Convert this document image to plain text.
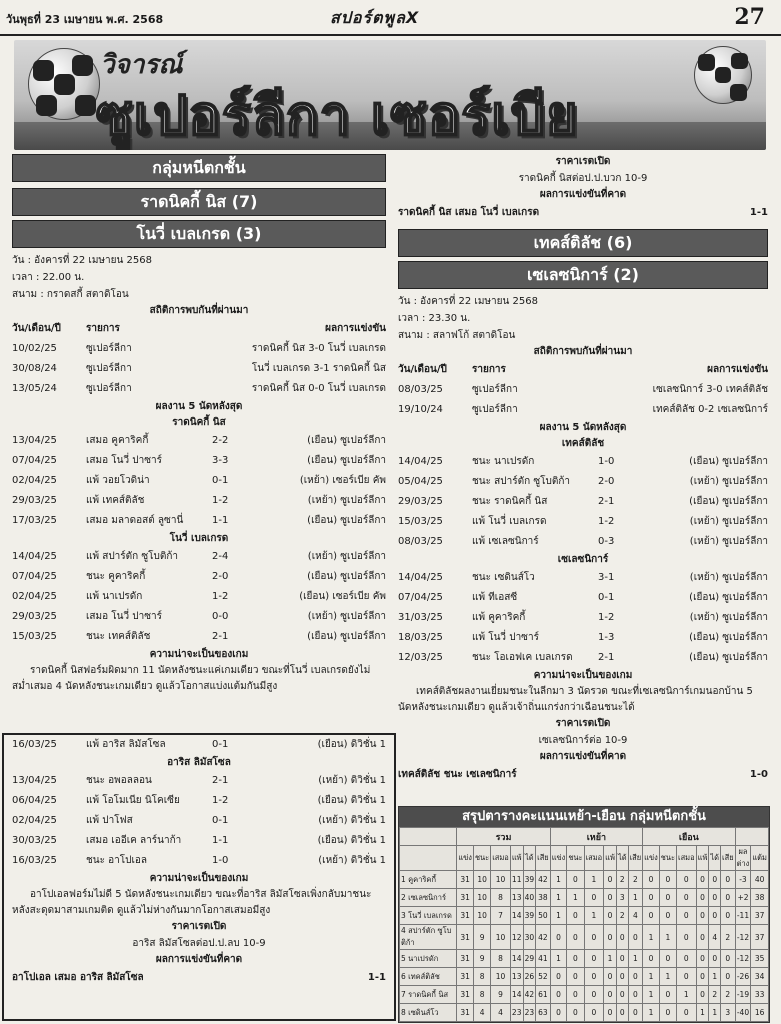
วันพุธที่ 23 เมษายน พ.ศ. 2568	สปอร์ตพูลX	27
วิจารณ์
ซูเปอร์ลีกา เซอร์เบีย
กลุ่มหนีตกชั้น
ราดนิคกี้ นิส (7)
โนวี่ เบลเกรด (3)
วัน : อังคารที่ 22 เมษายน 2568
เวลา : 22.00 น.
สนาม : กราดสกี้ สตาดิโอน
สถิติการพบกันที่ผ่านมา
วัน/เดือน/ปี	รายการ	ผลการแข่งขัน
10/02/25	ซูเปอร์ลีกา	ราดนิคกี้ นิส 3-0 โนวี่ เบลเกรด
30/08/24	ซูเปอร์ลีกา	โนวี่ เบลเกรด 3-1 ราดนิคกี้ นิส
13/05/24	ซูเปอร์ลีกา	ราดนิคกี้ นิส 0-0 โนวี่ เบลเกรด
ผลงาน 5 นัดหลังสุด
ราดนิคกี้ นิส
13/04/25	เสมอ คูคาริคกี้	2-2	(เยือน) ซูเปอร์ลีกา
07/04/25	เสมอ โนวี่ ปาซาร์	3-3	(เยือน) ซูเปอร์ลีกา
02/04/25	แพ้ วอยโวดิน่า	0-1	(เหย้า) เซอร์เบีย คัพ
29/03/25	แพ้ เทคส์ติลัช	1-2	(เหย้า) ซูเปอร์ลีกา
17/03/25	เสมอ มลาดอสต์ ลูซานี่	1-1	(เยือน) ซูเปอร์ลีกา
โนวี่ เบลเกรด
14/04/25	แพ้ สปาร์ตัก ซูโบติก้า	2-4	(เหย้า) ซูเปอร์ลีกา
07/04/25	ชนะ คูคาริคกี้	2-0	(เยือน) ซูเปอร์ลีกา
02/04/25	แพ้ นาเปรดัก	1-2	(เยือน) เซอร์เบีย คัพ
29/03/25	เสมอ โนวี่ ปาซาร์	0-0	(เหย้า) ซูเปอร์ลีกา
15/03/25	ชนะ เทคส์ติลัช	2-1	(เยือน) ซูเปอร์ลีกา
ความน่าจะเป็นของเกม
ราดนิคกี้ นิสฟอร์มผิดมาก 11 นัดหลังชนะแค่เกมเดียว ขณะที่โนวี่ เบลเกรดยังไม่สม่ำเสมอ 4 นัดหลังชนะเกมเดียว ดูแล้วโอกาสแบ่งแต้มกันมีสูง
16/03/25	แพ้ อาริส ลิมัสโซล	0-1	(เยือน) ดิวิชั่น 1
อาริส ลิมัสโซล
13/04/25	ชนะ อพอลลอน	2-1	(เหย้า) ดิวิชั่น 1
06/04/25	แพ้ โอโมเนีย นิโคเซีย	1-2	(เยือน) ดิวิชั่น 1
02/04/25	แพ้ ปาโฟส	0-1	(เหย้า) ดิวิชั่น 1
30/03/25	เสมอ เออีเค ลาร์นาก้า	1-1	(เยือน) ดิวิชั่น 1
16/03/25	ชนะ อาโปเอล	1-0	(เหย้า) ดิวิชั่น 1
ความน่าจะเป็นของเกม
อาโปเอลฟอร์มไม่ดี 5 นัดหลังชนะเกมเดียว ขณะที่อาริส ลิมัสโซลเพิ่งกลับมาชนะหลังสะดุดมาสามเกมติด ดูแล้วไม่ห่างกันมากโอกาสเสมอมีสูง
ราคาเรตเปิด
อาริส ลิมัสโซลต่อป.ป.ลบ 10-9
ผลการแข่งขันที่คาด
อาโปเอล เสมอ อาริส ลิมัสโซล	1-1
ราคาเรตเปิด
ราดนิคกี้ นิสต่อป.ป.บวก 10-9
ผลการแข่งขันที่คาด
ราดนิคกี้ นิส เสมอ โนวี่ เบลเกรด	1-1
เทคส์ติลัช (6)
เซเลซนิการ์ (2)
วัน : อังคารที่ 22 เมษายน 2568
เวลา : 23.30 น.
สนาม : สลาฟโก้ สตาดิโอน
สถิติการพบกันที่ผ่านมา
วัน/เดือน/ปี	รายการ	ผลการแข่งขัน
08/03/25	ซูเปอร์ลีกา	เซเลซนิการ์ 3-0 เทคส์ติลัช
19/10/24	ซูเปอร์ลีกา	เทคส์ติลัช 0-2 เซเลซนิการ์
ผลงาน 5 นัดหลังสุด
เทคส์ติลัช
14/04/25	ชนะ นาเปรดัก	1-0	(เยือน) ซูเปอร์ลีกา
05/04/25	ชนะ สปาร์ตัก ซูโบติก้า	2-0	(เหย้า) ซูเปอร์ลีกา
29/03/25	ชนะ ราดนิคกี้ นิส	2-1	(เยือน) ซูเปอร์ลีกา
15/03/25	แพ้ โนวี่ เบลเกรด	1-2	(เหย้า) ซูเปอร์ลีกา
08/03/25	แพ้ เซเลซนิการ์	0-3	(เหย้า) ซูเปอร์ลีกา
เซเลซนิการ์
14/04/25	ชนะ เซดินส์โว	3-1	(เหย้า) ซูเปอร์ลีกา
07/04/25	แพ้ ทีเอสซี	0-1	(เยือน) ซูเปอร์ลีกา
31/03/25	แพ้ คูคาริคกี้	1-2	(เหย้า) ซูเปอร์ลีกา
18/03/25	แพ้ โนวี่ ปาซาร์	1-3	(เยือน) ซูเปอร์ลีกา
12/03/25	ชนะ โอเอฟเค เบลเกรด	2-1	(เยือน) ซูเปอร์ลีกา
ความน่าจะเป็นของเกม
เทคส์ติลัชผลงานเยี่ยมชนะในลีกมา 3 นัดรวด ขณะที่เซเลซนิการ์เกมนอกบ้าน 5 นัดหลังชนะเกมเดียว ดูแล้วเจ้าถิ่นแกร่งกว่าเฉือนชนะได้
ราคาเรตเปิด
เซเลซนิการ์ต่อ 10-9
ผลการแข่งขันที่คาด
เทคส์ติลัช ชนะ เซเลซนิการ์	1-0
สรุปตารางคะแนนเหย้า-เยือน กลุ่มหนีตกชั้น
	รวม						เหย้า						เยือน							
	แข่ง	ชนะ	เสมอ	แพ้	ได้	เสีย	แข่ง	ชนะ	เสมอ	แพ้	ได้	เสีย	แข่ง	ชนะ	เสมอ	แพ้	ได้	เสีย	ผลต่าง	แต้ม
1 คูคาริคกี้	31	10	10	11	39	42	1	0	1	0	2	2	0	0	0	0	0	0	-3	40
2 เซเลซนิการ์	31	10	8	13	40	38	1	1	0	0	3	1	0	0	0	0	0	0	+2	38
3 โนวี่ เบลเกรด	31	10	7	14	39	50	1	0	1	0	2	4	0	0	0	0	0	0	-11	37
4 สปาร์ตัก ซูโบติก้า	31	9	10	12	30	42	0	0	0	0	0	0	1	1	0	0	4	2	-12	37
5 นาเปรดัก	31	9	8	14	29	41	1	0	0	1	0	1	0	0	0	0	0	0	-12	35
6 เทคส์ติลัช	31	8	10	13	26	52	0	0	0	0	0	0	1	1	0	0	1	0	-26	34
7 ราดนิคกี้ นิส	31	8	9	14	42	61	0	0	0	0	0	0	1	0	1	0	2	2	-19	33
8 เซดินส์โว	31	4	4	23	23	63	0	0	0	0	0	0	1	0	0	1	1	3	-40	16
